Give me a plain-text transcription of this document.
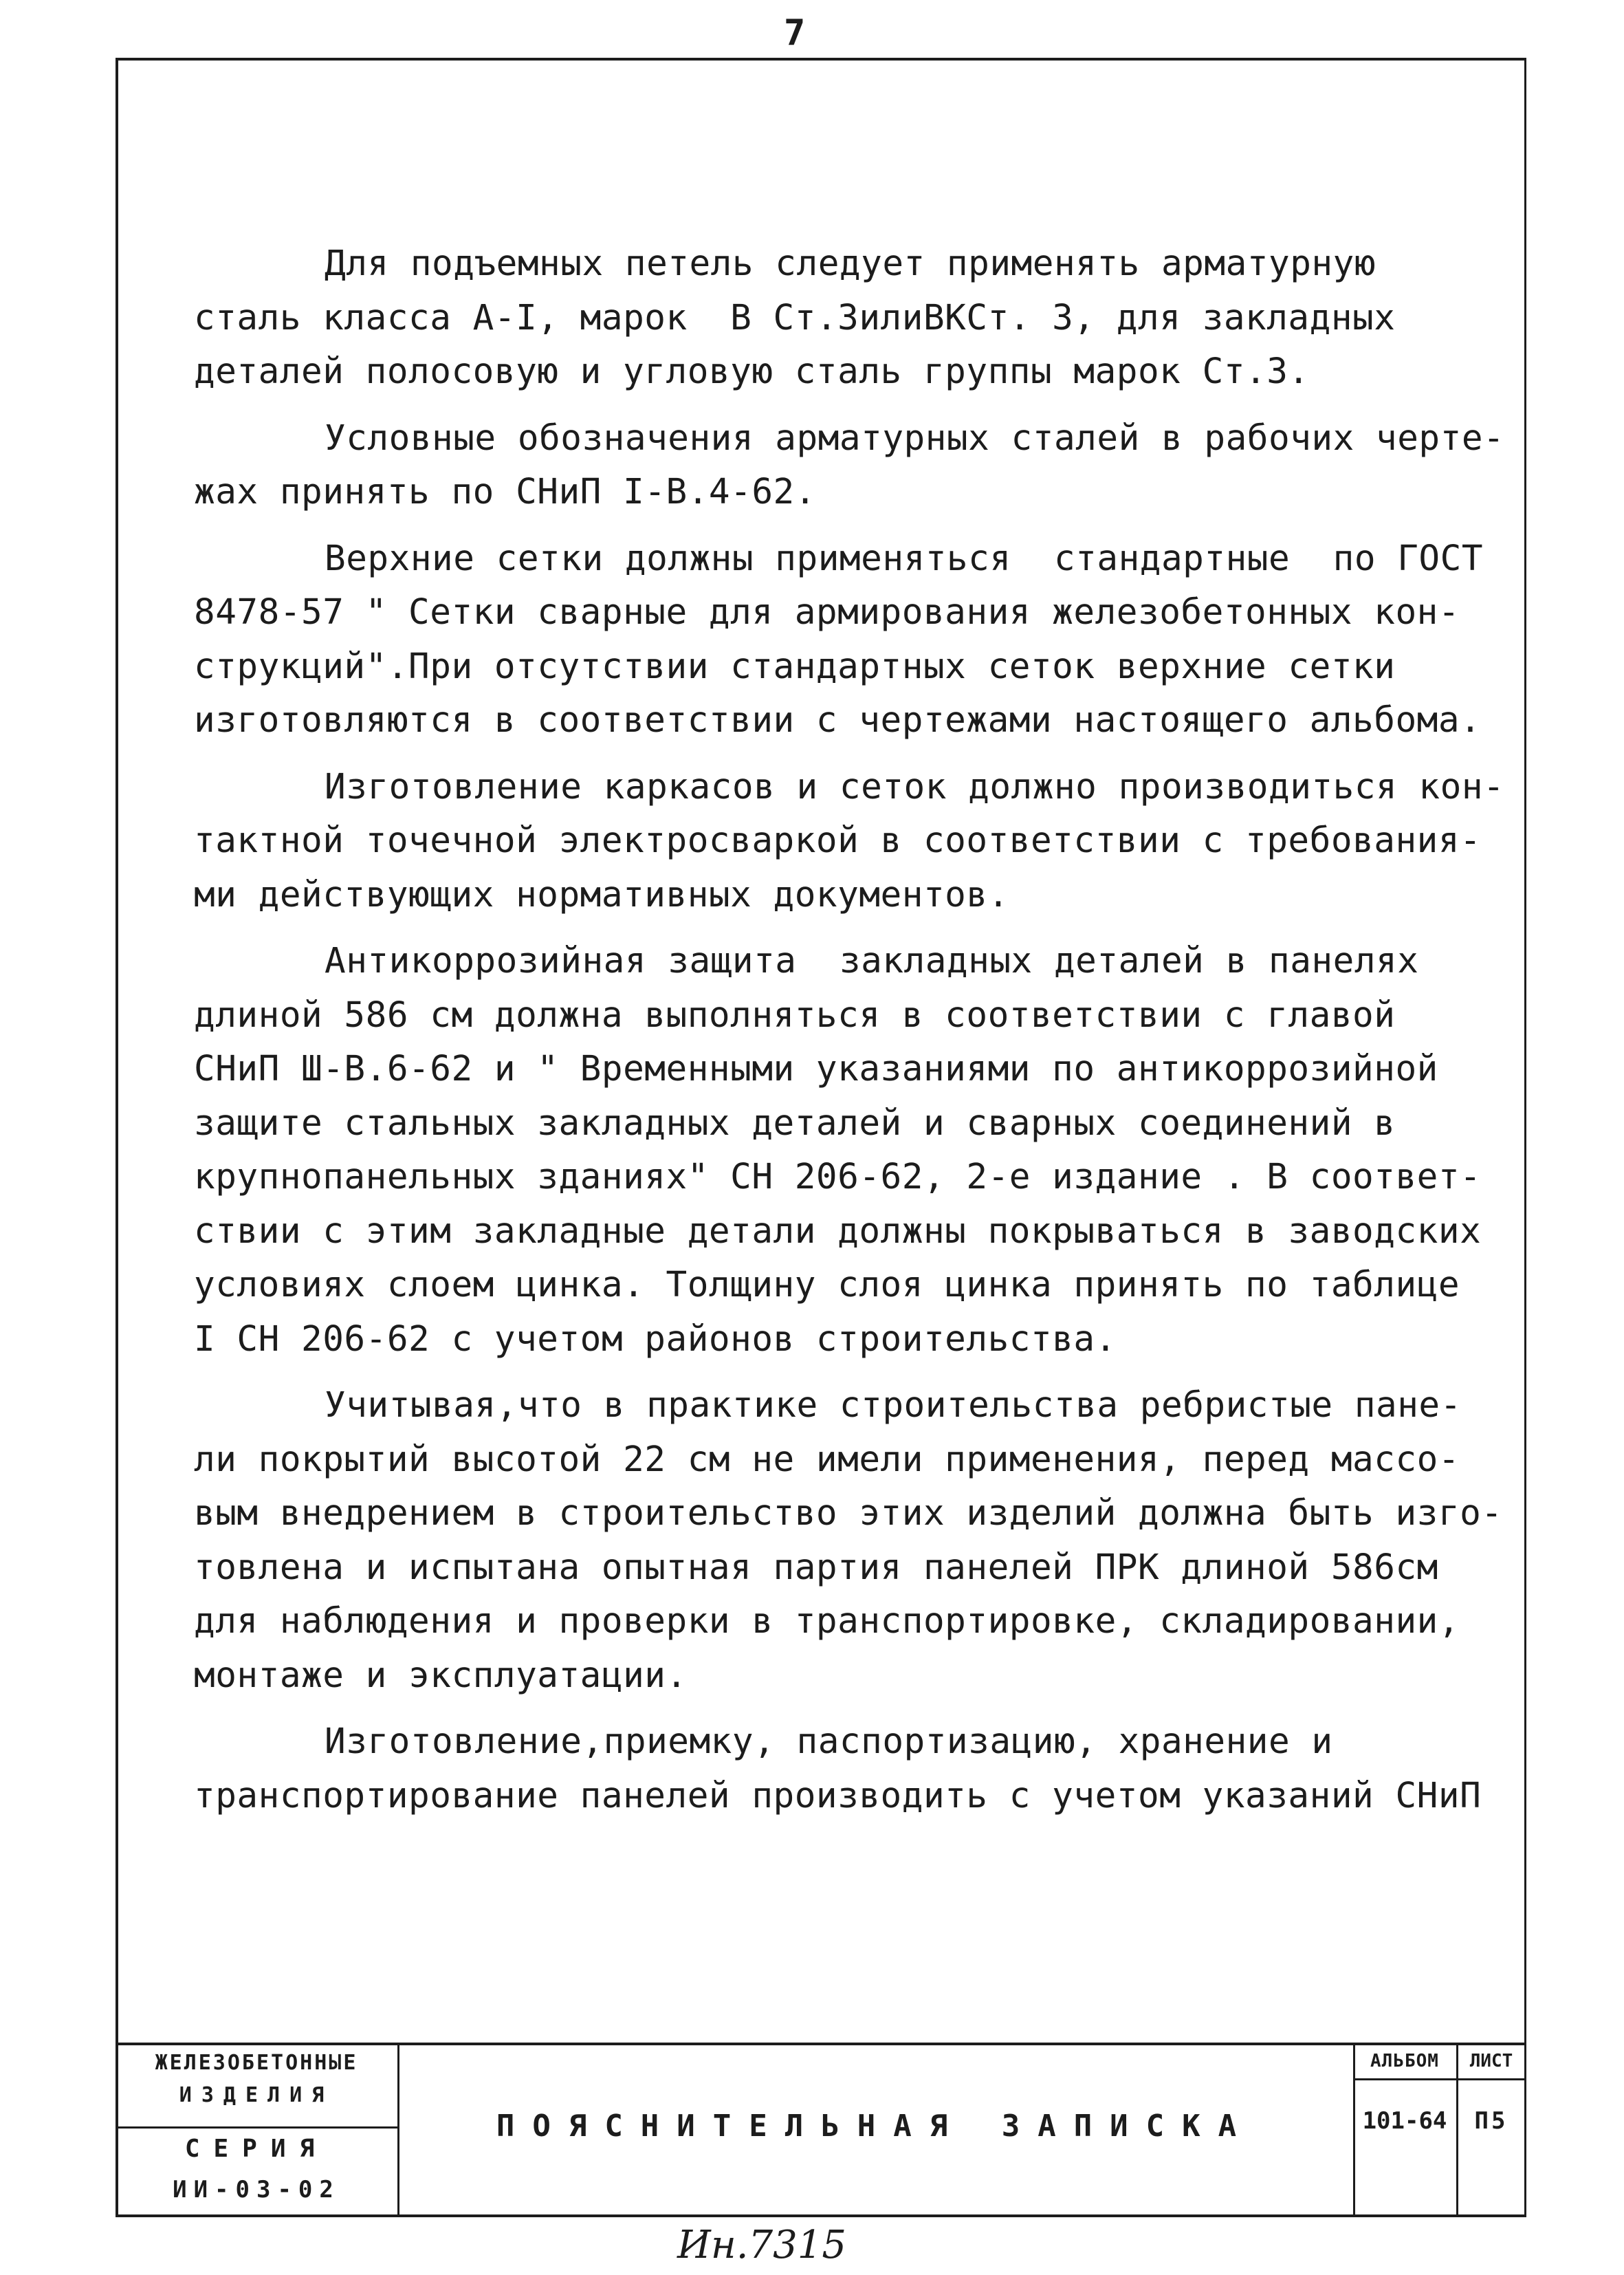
7

Для подъемных петель следует применять арматурную
сталь класса А-I, марок  В Ст.3илиВКСт. 3, для закладных
деталей полосовую и угловую сталь группы марок Ст.3.

Условные обозначения арматурных сталей в рабочих черте-
жах принять по СНиП I-В.4-62.

Верхние сетки должны применяться  стандартные  по ГОСТ
8478-57 " Сетки сварные для армирования железобетонных кон-
струкций".При отсутствии стандартных сеток верхние сетки
изготовляются в соответствии с чертежами настоящего альбома.

Изготовление каркасов и сеток должно производиться кон-
тактной точечной электросваркой в соответствии с требования-
ми действующих нормативных документов.

Антикоррозийная защита  закладных деталей в панелях
длиной 586 см должна выполняться в соответствии с главой
СНиП Ш-В.6-62 и " Временными указаниями по антикоррозийной
защите стальных закладных деталей и сварных соединений в
крупнопанельных зданиях" СН 206-62, 2-е издание . В соответ-
ствии с этим закладные детали должны покрываться в заводских
условиях слоем цинка. Толщину слоя цинка принять по таблице
I СН 206-62 с учетом районов строительства.

Учитывая,что в практике строительства ребристые пане-
ли покрытий высотой 22 см не имели применения, перед массо-
вым внедрением в строительство этих изделий должна быть изго-
товлена и испытана опытная партия панелей ПРК длиной 586см
для наблюдения и проверки в транспортировке, складировании,
монтаже и эксплуатации.

Изготовление,приемку, паспортизацию, хранение и
транспортирование панелей производить с учетом указаний СНиП

ЖЕЛЕЗОБЕТОННЫЕ
ИЗДЕЛИЯ
СЕРИЯ
ИИ-03-02
ПОЯСНИТЕЛЬНАЯ ЗАПИСКА
АЛЬБОМ
101-64
ЛИСТ
П5
Ин.7315
